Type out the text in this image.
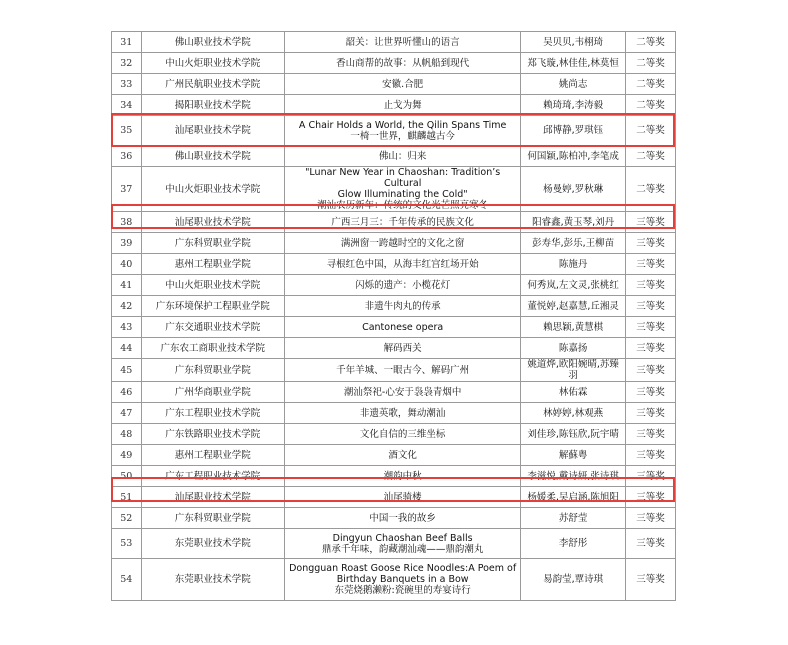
31	佛山职业技术学院	韶关：让世界听懂山的语言	吴贝贝,韦栩琦	二等奖
32	中山火炬职业技术学院	香山商帮的故事：从帆船到现代	郑飞璇,林佳佳,林莫恒	二等奖
33	广州民航职业技术学院	安徽.合肥	姚尚志	二等奖
34	揭阳职业技术学院	止戈为舞	赖琦琦,李涛毅	二等奖
35	汕尾职业技术学院	A Chair Holds a World, the Qilin Spans Time
一椅一世界，麒麟越古今	邱博静,罗琪钰	二等奖
36	佛山职业技术学院	佛山：归来	何国颖,陈柏冲,李笔成	二等奖
37	中山火炬职业技术学院	"Lunar New Year in Chaoshan: Tradition’s Cultural
Glow Illuminating the Cold"
潮汕农历新年：传统的文化光芒照亮寒冬	杨曼婷,罗秋琳	二等奖
38	汕尾职业技术学院	广西三月三：千年传承的民族文化	阳睿鑫,黄玉琴,刘丹	三等奖
39	广东科贸职业学院	满洲窗一跨越时空的文化之窗	彭寿华,彭乐,王柳苗	三等奖
40	惠州工程职业学院	寻根红色中国，从海丰红宫红场开始	陈施丹	三等奖
41	中山火炬职业技术学院	闪烁的遗产：小榄花灯	何秀岚,左文灵,张桃红	三等奖
42	广东环境保护工程职业学院	非遗牛肉丸的传承	董悦婷,赵嘉慧,丘湘灵	三等奖
43	广东交通职业技术学院	Cantonese opera	赖思颖,黄慧棋	三等奖
44	广东农工商职业技术学院	解码西关	陈嘉扬	三等奖
45	广东科贸职业学院	千年羊城、一眼古今、解码广州	姚道烨,欧阳婉晴,苏臻羽	三等奖
46	广州华商职业学院	潮汕祭祀-心安于袅袅青烟中	林佑霖	三等奖
47	广东工程职业技术学院	非遗英歌，舞动潮汕	林婷婷,林观燕	三等奖
48	广东铁路职业技术学院	文化自信的三维坐标	刘佳珍,陈钰欣,阮宇晴	三等奖
49	惠州工程职业学院	酒文化	解蘇粤	三等奖
50	广东工程职业技术学院	潮韵中秋	李滋悦,戴诗妍,张诗琪	三等奖
51	汕尾职业技术学院	汕尾骑楼	杨媛柔,吴启涵,陈旭阳	三等奖
52	广东科贸职业学院	中国一我的故乡	苏舒莹	三等奖
53	东莞职业技术学院	Dingyun Chaoshan Beef Balls
鼎承千年味，韵藏潮汕魂——鼎韵潮丸	李舒彤	三等奖
54	东莞职业技术学院	Dongguan Roast Goose Rice Noodles:A Poem of
Birthday Banquets in a Bow
东莞烧鹅濑粉:瓷碗里的寿宴诗行	易韵莹,覃诗琪	三等奖
